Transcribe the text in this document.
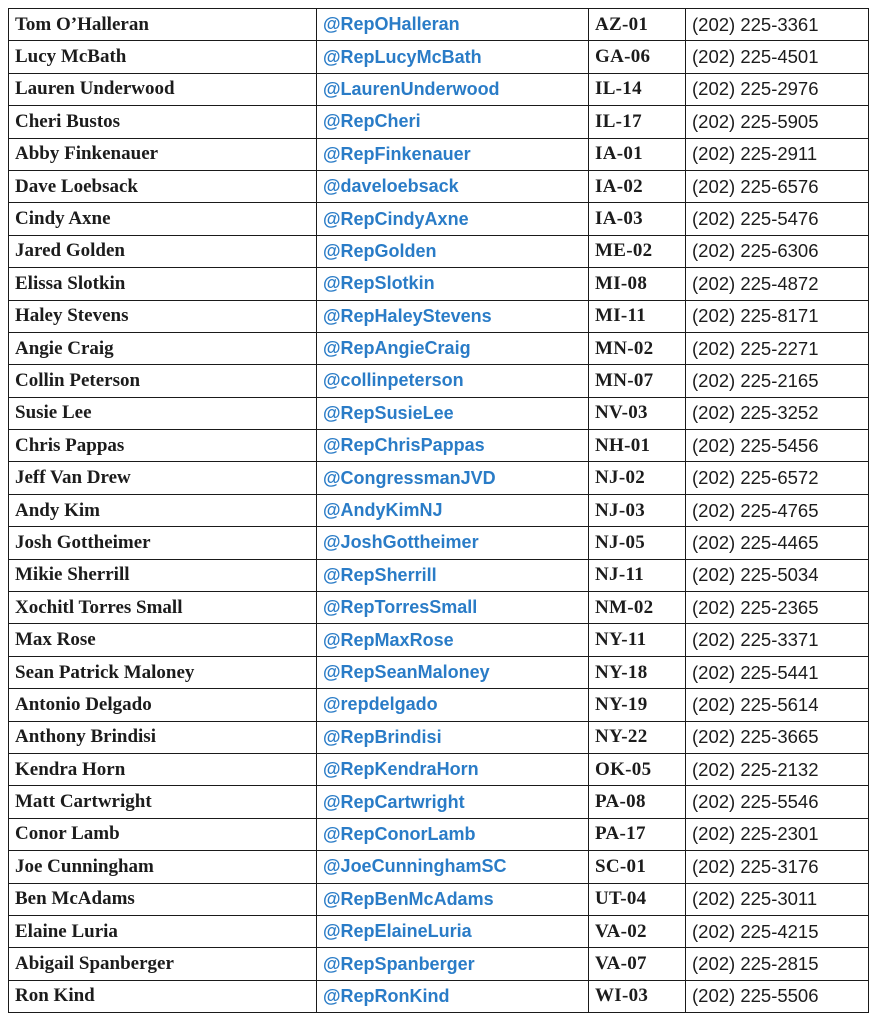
Tom O’Halleran	@RepOHalleran	AZ-01	(202) 225-3361
Lucy McBath	@RepLucyMcBath	GA-06	(202) 225-4501
Lauren Underwood	@LaurenUnderwood	IL-14	(202) 225-2976
Cheri Bustos	@RepCheri	IL-17	(202) 225-5905
Abby Finkenauer	@RepFinkenauer	IA-01	(202) 225-2911
Dave Loebsack	@daveloebsack	IA-02	(202) 225-6576
Cindy Axne	@RepCindyAxne	IA-03	(202) 225-5476
Jared Golden	@RepGolden	ME-02	(202) 225-6306
Elissa Slotkin	@RepSlotkin	MI-08	(202) 225-4872
Haley Stevens	@RepHaleyStevens	MI-11	(202) 225-8171
Angie Craig	@RepAngieCraig	MN-02	(202) 225-2271
Collin Peterson	@collinpeterson	MN-07	(202) 225-2165
Susie Lee	@RepSusieLee	NV-03	(202) 225-3252
Chris Pappas	@RepChrisPappas	NH-01	(202) 225-5456
Jeff Van Drew	@CongressmanJVD	NJ-02	(202) 225-6572
Andy Kim	@AndyKimNJ	NJ-03	(202) 225-4765
Josh Gottheimer	@JoshGottheimer	NJ-05	(202) 225-4465
Mikie Sherrill	@RepSherrill	NJ-11	(202) 225-5034
Xochitl Torres Small	@RepTorresSmall	NM-02	(202) 225-2365
Max Rose	@RepMaxRose	NY-11	(202) 225-3371
Sean Patrick Maloney	@RepSeanMaloney	NY-18	(202) 225-5441
Antonio Delgado	@repdelgado	NY-19	(202) 225-5614
Anthony Brindisi	@RepBrindisi	NY-22	(202) 225-3665
Kendra Horn	@RepKendraHorn	OK-05	(202) 225-2132
Matt Cartwright	@RepCartwright	PA-08	(202) 225-5546
Conor Lamb	@RepConorLamb	PA-17	(202) 225-2301
Joe Cunningham	@JoeCunninghamSC	SC-01	(202) 225-3176
Ben McAdams	@RepBenMcAdams	UT-04	(202) 225-3011
Elaine Luria	@RepElaineLuria	VA-02	(202) 225-4215
Abigail Spanberger	@RepSpanberger	VA-07	(202) 225-2815
Ron Kind	@RepRonKind	WI-03	(202) 225-5506
